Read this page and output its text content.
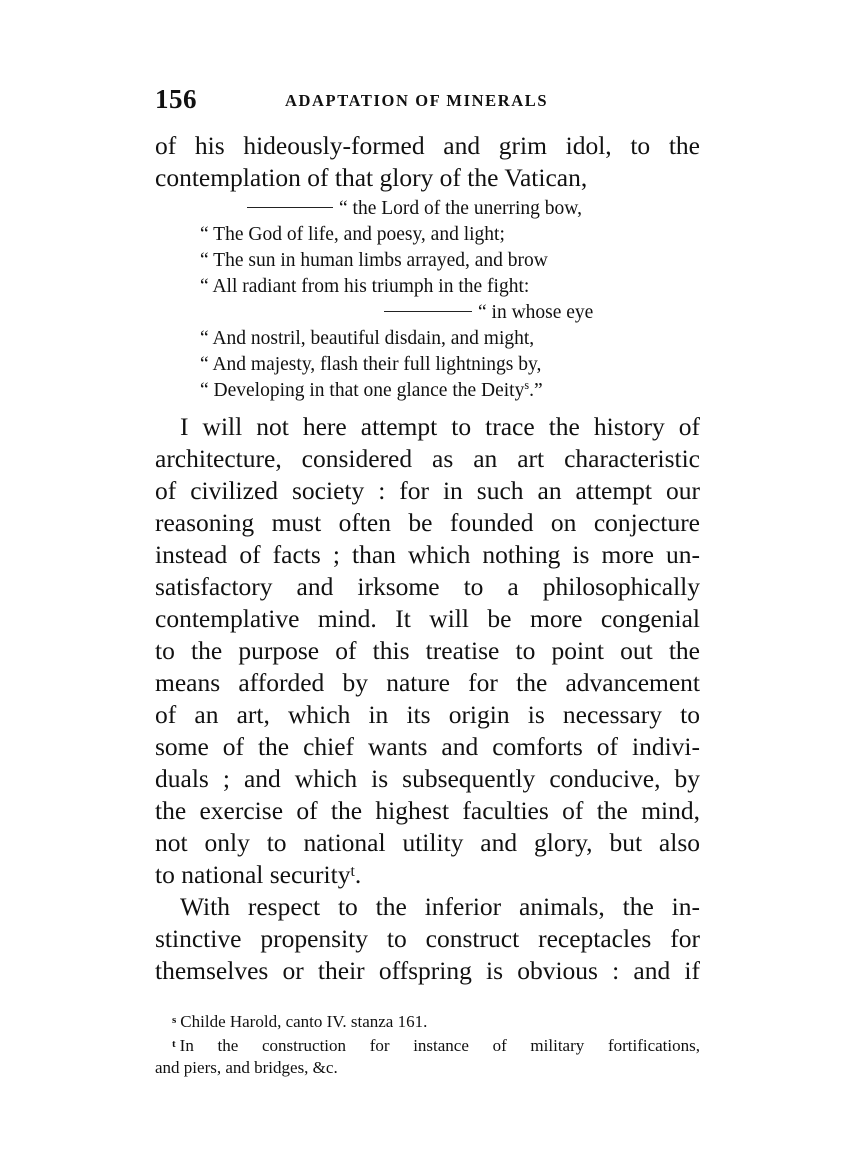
156	ADAPTATION OF MINERALS
of his hideously-formed and grim idol, to the
contemplation of that glory of the Vatican,
“ the Lord of the unerring bow,
“ The God of life, and poesy, and light;
“ The sun in human limbs arrayed, and brow
“ All radiant from his triumph in the fight:
“ in whose eye
“ And nostril, beautiful disdain, and might,
“ And majesty, flash their full lightnings by,
“ Developing in that one glance the Deity$^s$.”
I will not here attempt to trace the history of
architecture, considered as an art characteristic
of civilized society : for in such an attempt our
reasoning must often be founded on conjecture
instead of facts ; than which nothing is more un-
satisfactory and irksome to a philosophically
contemplative mind. It will be more congenial
to the purpose of this treatise to point out the
means afforded by nature for the advancement
of an art, which in its origin is necessary to
some of the chief wants and comforts of indivi-
duals ; and which is subsequently conducive, by
the exercise of the highest faculties of the mind,
not only to national utility and glory, but also
to national security$^t$.
With respect to the inferior animals, the in-
stinctive propensity to construct receptacles for
themselves or their offspring is obvious : and if
$^s$ Childe Harold, canto IV. stanza 161.
$^t$ In the construction for instance of military fortifications,
and piers, and bridges, &c.
